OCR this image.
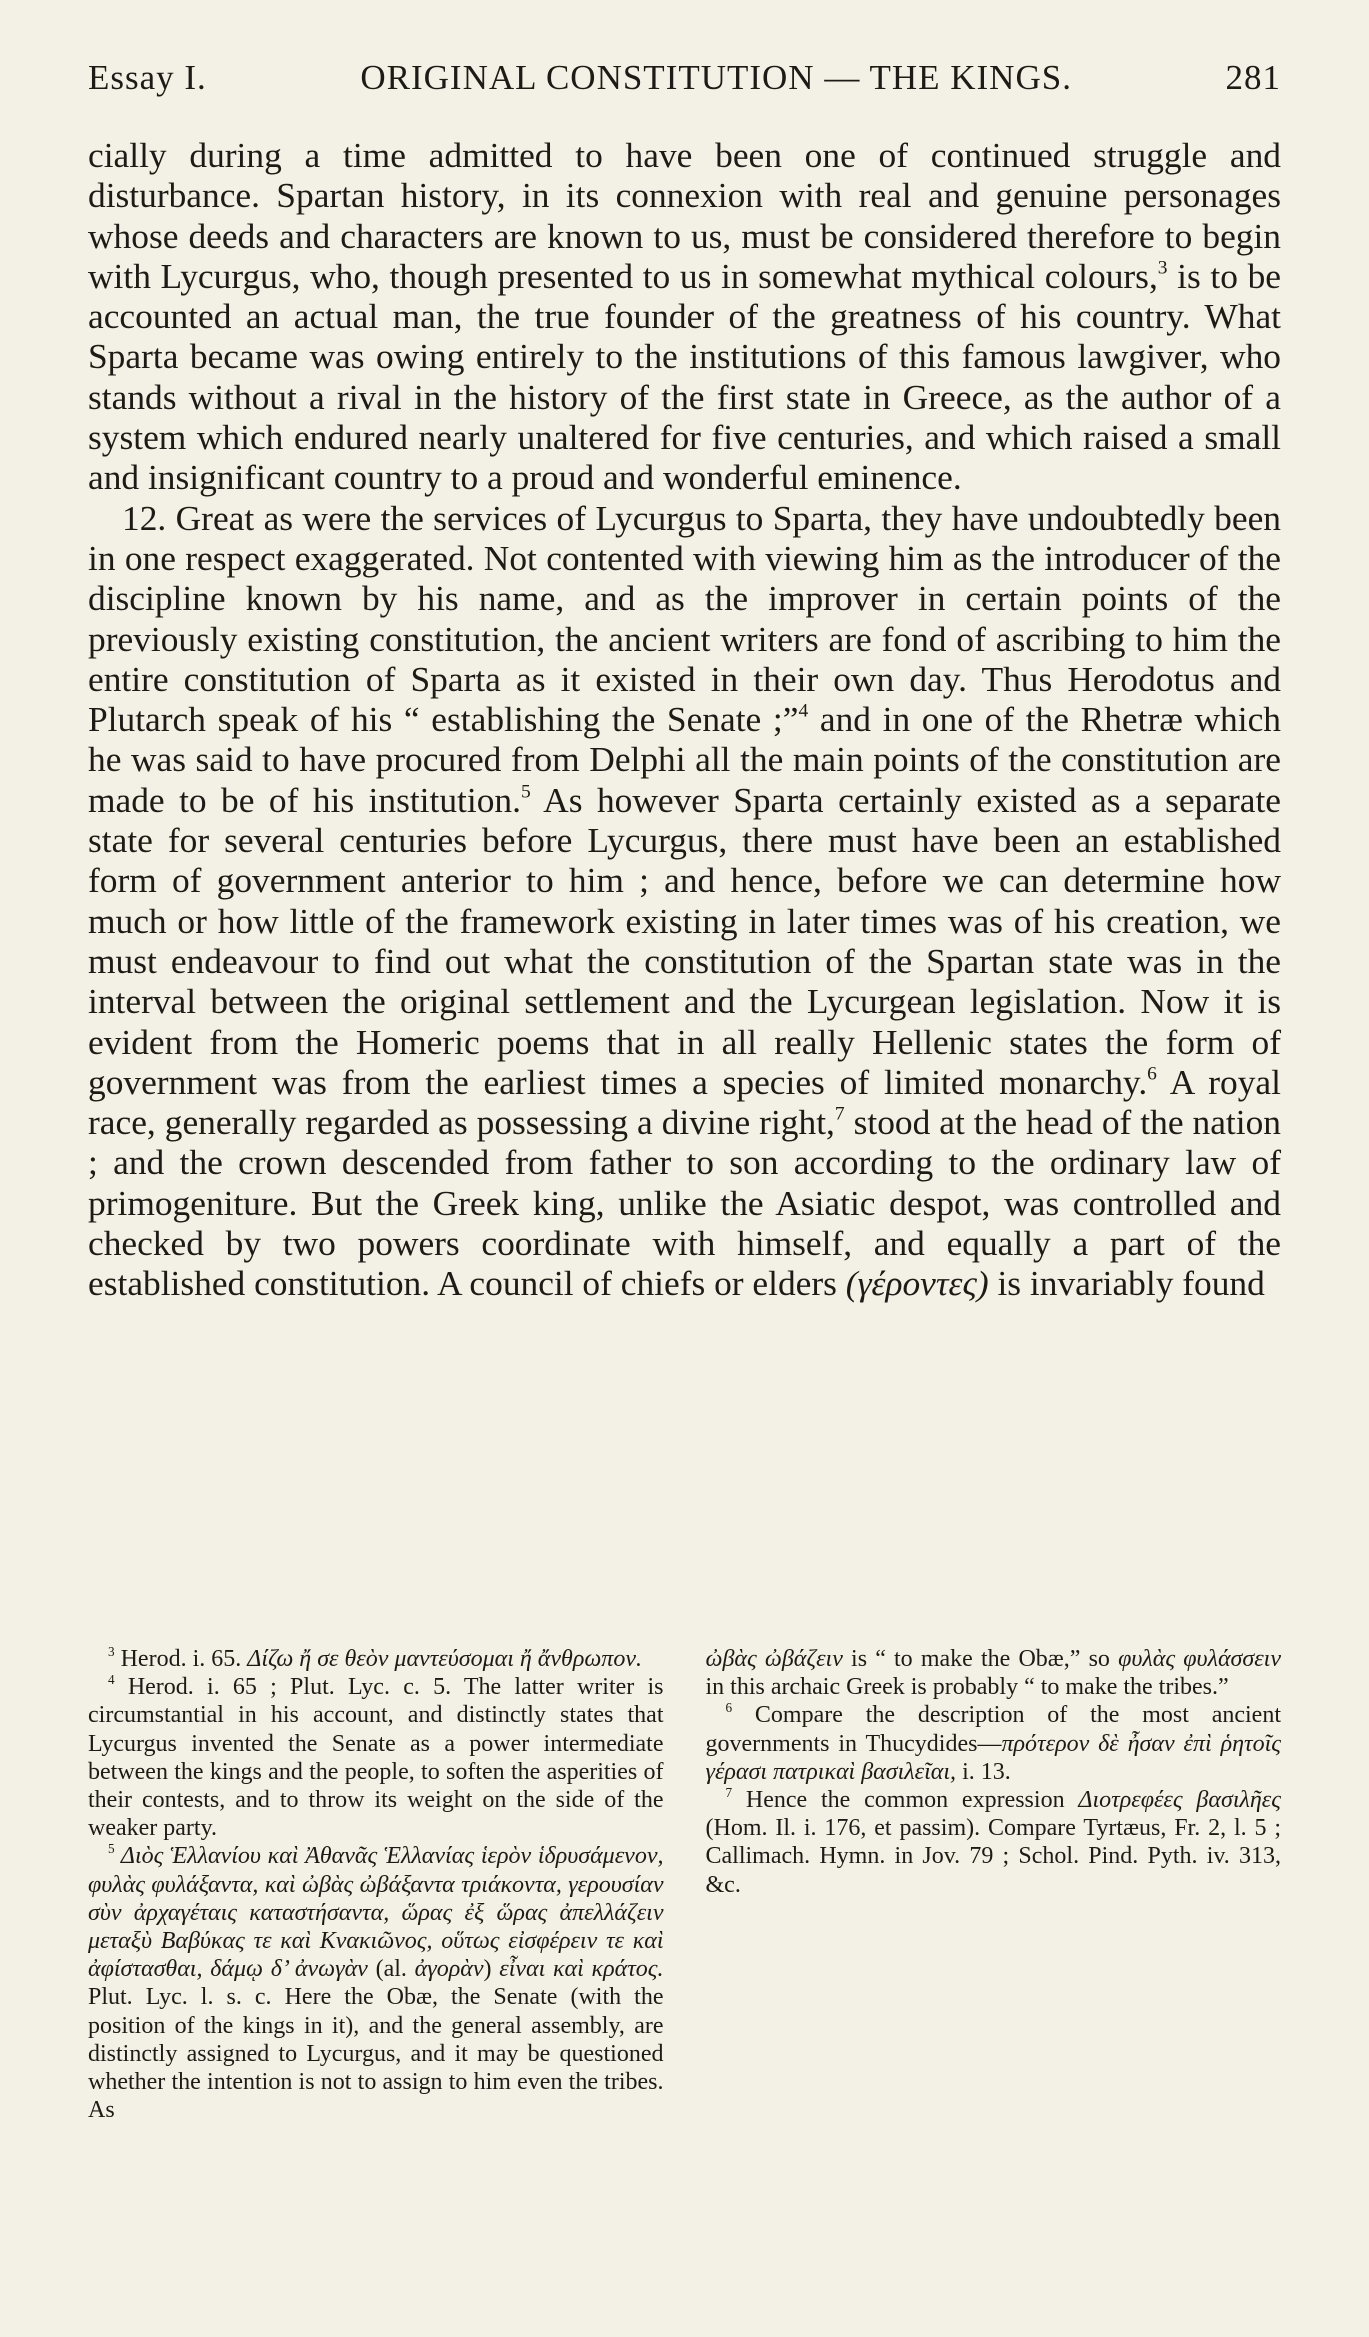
Essay I.	ORIGINAL CONSTITUTION — THE KINGS.	281

cially during a time admitted to have been one of continued struggle and disturbance. Spartan history, in its connexion with real and genuine personages whose deeds and characters are known to us, must be considered therefore to begin with Lycurgus, who, though presented to us in somewhat mythical colours,$^3$ is to be accounted an actual man, the true founder of the greatness of his country. What Sparta became was owing entirely to the institutions of this famous lawgiver, who stands without a rival in the history of the first state in Greece, as the author of a system which endured nearly unaltered for five centuries, and which raised a small and insignificant country to a proud and wonderful eminence.

12. Great as were the services of Lycurgus to Sparta, they have undoubtedly been in one respect exaggerated. Not contented with viewing him as the introducer of the discipline known by his name, and as the improver in certain points of the previously existing constitution, the ancient writers are fond of ascribing to him the entire constitution of Sparta as it existed in their own day. Thus Herodotus and Plutarch speak of his “ establishing the Senate ;”$^4$ and in one of the Rhetræ which he was said to have procured from Delphi all the main points of the constitution are made to be of his institution.$^5$ As however Sparta certainly existed as a separate state for several centuries before Lycurgus, there must have been an established form of government anterior to him ; and hence, before we can determine how much or how little of the framework existing in later times was of his creation, we must endeavour to find out what the constitution of the Spartan state was in the interval between the original settlement and the Lycurgean legislation. Now it is evident from the Homeric poems that in all really Hellenic states the form of government was from the earliest times a species of limited monarchy.$^6$ A royal race, generally regarded as possessing a divine right,$^7$ stood at the head of the nation ; and the crown descended from father to son according to the ordinary law of primogeniture. But the Greek king, unlike the Asiatic despot, was controlled and checked by two powers coordinate with himself, and equally a part of the established constitution. A council of chiefs or elders (γέροντες) is invariably found

$^3$ Herod. i. 65. Δίζω ἤ σε θεὸν μαντεύσομαι ἤ ἄνθρωπον.

$^4$ Herod. i. 65 ; Plut. Lyc. c. 5. The latter writer is circumstantial in his account, and distinctly states that Lycurgus invented the Senate as a power intermediate between the kings and the people, to soften the asperities of their contests, and to throw its weight on the side of the weaker party.

$^5$ Διὸς Ἑλλανίου καὶ Ἀθανᾶς Ἑλλανίας ἱερὸν ἱδρυσάμενον, φυλὰς φυλάξαντα, καὶ ὠβὰς ὠβάξαντα τριάκοντα, γερουσίαν σὺν ἀρχαγέταις καταστήσαντα, ὥρας ἐξ ὥρας ἀπελλάζειν μεταξὺ Βαβύκας τε καὶ Κνακιῶνος, οὕτως εἰσφέρειν τε καὶ ἀφίστασθαι, δάμῳ δ’ ἀνωγὰν (al. ἀγορὰν) εἶναι καὶ κράτος. Plut. Lyc. l. s. c. Here the Obæ, the Senate (with the position of the kings in it), and the general assembly, are distinctly assigned to Lycurgus, and it may be questioned whether the intention is not to assign to him even the tribes. As

ὠβὰς ὠβάζειν is “ to make the Obæ,” so φυλὰς φυλάσσειν in this archaic Greek is probably “ to make the tribes.”

$^6$ Compare the description of the most ancient governments in Thucydides—πρότερον δὲ ἦσαν ἐπὶ ῥητοῖς γέρασι πατρικαὶ βασιλεῖαι, i. 13.

$^7$ Hence the common expression Διοτρεφέες βασιλῆες (Hom. Il. i. 176, et passim). Compare Tyrtæus, Fr. 2, l. 5 ; Callimach. Hymn. in Jov. 79 ; Schol. Pind. Pyth. iv. 313, &c.
